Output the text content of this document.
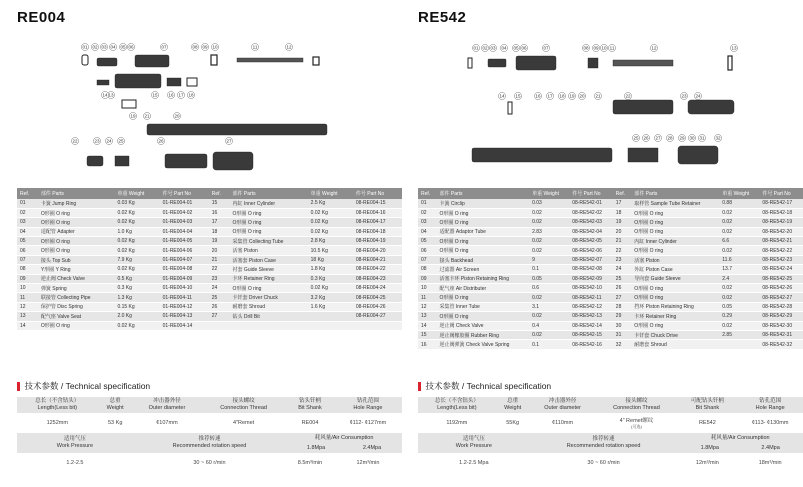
RE004
01 02 03 04 05 06	07	08 09 10	11	12
13
14	15 16 17 18
19	20
21
22	23 24 25	26	27
Ref.	部件 Parts	单重 Weight	件号 Part No	Ref.	部件 Parts	单重 Weight	件号 Part No
01	卡簧 Jump Ring	0.03 Kg	01-RE004-01	15	内缸 Inner Cylinder	2.5 Kg	08-RE004-15
02	O形圈 O ring	0.02 Kg	01-RE004-02	16	O形圈 O ring	0.02 Kg	08-RE004-16
03	O形圈 O ring	0.02 Kg	01-RE004-03	17	O形圈 O ring	0.02 Kg	08-RE004-17
04	适配管 Adapter	1.0 Kg	01-RE004-04	18	O形圈 O ring	0.02 Kg	08-RE004-18
05	O形圈 O ring	0.02 Kg	01-RE004-05	19	采集管 Collecting Tube	2.8 Kg	08-RE004-19
06	O形圈 O ring	0.02 Kg	01-RE004-06	20	活塞 Piston	10.5 Kg	08-RE004-20
07	接头 Top Sub	7.9 Kg	01-RE004-07	21	活塞套 Piston Case	18 Kg	08-RE004-21
08	Y形圈 Y Ring	0.02 Kg	01-RE004-08	22	衬套 Guide Sleeve	1.8 Kg	08-RE004-22
09	逆止阀 Check Valve	0.5 Kg	01-RE004-09	23	卡环 Retainer Ring	0.3 Kg	08-RE004-23
10	弹簧 Spring	0.3 Kg	01-RE004-10	24	O形圈 O ring	0.02 Kg	08-RE004-24
11	联接管 Collecting Pipe	1.3 Kg	01-RE004-11	25	卡钎套 Driver Chuck	3.2 Kg	08-RE004-25
12	保护管 Disc Spring	0.15 Kg	01-RE004-12	26	耐磨套 Shroud	1.6 Kg	08-RE004-26
13	配气座 Valve Seat	2.0 Kg	01-RE004-13	27	钻头 Drill Bit		08-RE004-27
14	O形圈 O ring	0.02 Kg	01-RE004-14				
技术参数 / Technical specification
总长（不含钻头）
Length(Less bit)	总重
Weight	冲击器外径
Outer diameter	接头螺纹
Connection Thread	钻头钎柄
Bit Shank	钻孔范围
Hole Range

1252mm	53 Kg	¢107mm	4"Remet	RE004	¢112- ¢127mm

适用气压
Work Pressure		推荐转速
Recommended rotation speed		耗风量/Air Consumption
1.8Mpa 2.4Mpa	

1.2-2.5		30 ~ 60 r/min		8.5m³/min	12m³/min
RE542
01 02 03 04 05 06	07	08 09 10 11	12	13
14 15	16 17 18 19 20 21	22	23 24
25 26 27 28 29 30 31 32
Ref.	部件 Parts	单重 Weight	件号 Part No	Ref.	部件 Parts	单重 Weight	件号 Part No
01	卡簧 Circlip	0.03	08-RE542-01	17	取样管 Sample Tube Retainer	0.88	08-RE542-17
02	O形圈 O ring	0.02	08-RE542-02	18	O形圈 O ring	0.02	08-RE542-18
03	O形圈 O ring	0.02	08-RE542-03	19	O形圈 O ring	0.02	08-RE542-19
04	适配器 Adaptor Tube	2.83	08-RE542-04	20	O形圈 O ring	0.02	08-RE542-20
05	O形圈 O ring	0.02	08-RE542-05	21	内缸 Inner Cylinder	6.6	08-RE542-21
06	O形圈 O ring	0.02	08-RE542-06	22	O形圈 O ring	0.02	08-RE542-22
07	接头 Backhead	9	08-RE542-07	23	活塞 Piston	11.6	08-RE542-23
08	过滤器 Air Screen	0.1	08-RE542-08	24	外缸 Piston Case	13.7	08-RE542-24
09	活塞卡环 Piston Retaining Ring	0.05	08-RE542-09	25	导向套 Guide Sleeve	2.4	08-RE542-25
10	配气座 Air Distributer	0.6	08-RE542-10	26	O形圈 O ring	0.02	08-RE542-26
11	O形圈 O ring	0.02	08-RE542-11	27	O形圈 O ring	0.02	08-RE542-27
12	采集管 Inner Tube	3.1	08-RE542-12	28	挡环 Piston Retaining Ring	0.05	08-RE542-28
13	O形圈 O ring	0.02	08-RE542-13	29	卡环 Retainer Ring	0.29	08-RE542-29
14	逆止阀 Check Valve	0.4	08-RE542-14	30	O形圈 O ring	0.02	08-RE542-30
15	逆止阀橡胶圈 Rubber Ring	0.02	08-RE542-15	31	卡钎套 Chuck Drive	2.85	08-RE542-31
16	逆止阀弹簧 Check Valve Spring	0.1	08-RE542-16	32	耐磨套 Shroud		08-RE542-32
技术参数 / Technical specification
总长（不含钻头）
Length(Less bit)	总重
Weight	冲击器外径
Outer diameter	接头螺纹
Connection Thread	可配钻头钎柄
Bit Shank	钻孔范围
Hole Range

1192mm	55Kg	¢110mm	4” Remet螺纹
(可选)	RE542	¢113- ¢130mm

适用气压
Work Pressure		推荐转速
Recommended rotation speed		耗风量/Air Consumption
1.8Mpa 2.4Mpa	

1.2-2.5 Mpa		30 ~ 60 r/min		12m³/min	18m³/min
